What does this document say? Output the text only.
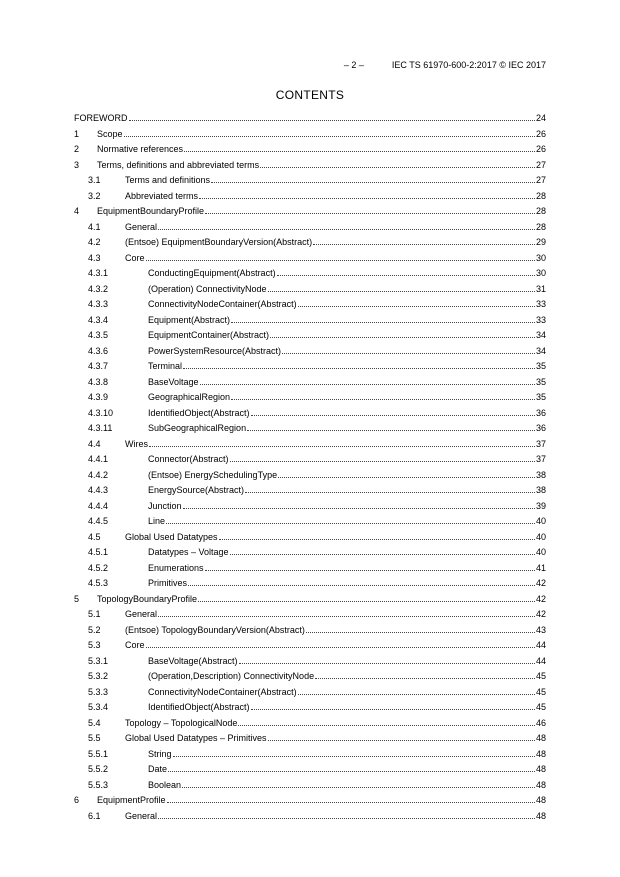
– 2 –	IEC TS 61970-600-2:2017 © IEC 2017
CONTENTS
FOREWORD	24
1	Scope	26
2	Normative references	26
3	Terms, definitions and abbreviated terms	27
3.1	Terms and definitions	27
3.2	Abbreviated terms	28
4	EquipmentBoundaryProfile	28
4.1	General	28
4.2	(Entsoe) EquipmentBoundaryVersion(Abstract)	29
4.3	Core	30
4.3.1	ConductingEquipment(Abstract)	30
4.3.2	(Operation) ConnectivityNode	31
4.3.3	ConnectivityNodeContainer(Abstract)	33
4.3.4	Equipment(Abstract)	33
4.3.5	EquipmentContainer(Abstract)	34
4.3.6	PowerSystemResource(Abstract)	34
4.3.7	Terminal	35
4.3.8	BaseVoltage	35
4.3.9	GeographicalRegion	35
4.3.10	IdentifiedObject(Abstract)	36
4.3.11	SubGeographicalRegion	36
4.4	Wires	37
4.4.1	Connector(Abstract)	37
4.4.2	(Entsoe) EnergySchedulingType	38
4.4.3	EnergySource(Abstract)	38
4.4.4	Junction	39
4.4.5	Line	40
4.5	Global Used Datatypes	40
4.5.1	Datatypes – Voltage	40
4.5.2	Enumerations	41
4.5.3	Primitives	42
5	TopologyBoundaryProfile	42
5.1	General	42
5.2	(Entsoe) TopologyBoundaryVersion(Abstract)	43
5.3	Core	44
5.3.1	BaseVoltage(Abstract)	44
5.3.2	(Operation,Description) ConnectivityNode	45
5.3.3	ConnectivityNodeContainer(Abstract)	45
5.3.4	IdentifiedObject(Abstract)	45
5.4	Topology – TopologicalNode	46
5.5	Global Used Datatypes – Primitives	48
5.5.1	String	48
5.5.2	Date	48
5.5.3	Boolean	48
6	EquipmentProfile	48
6.1	General	48
